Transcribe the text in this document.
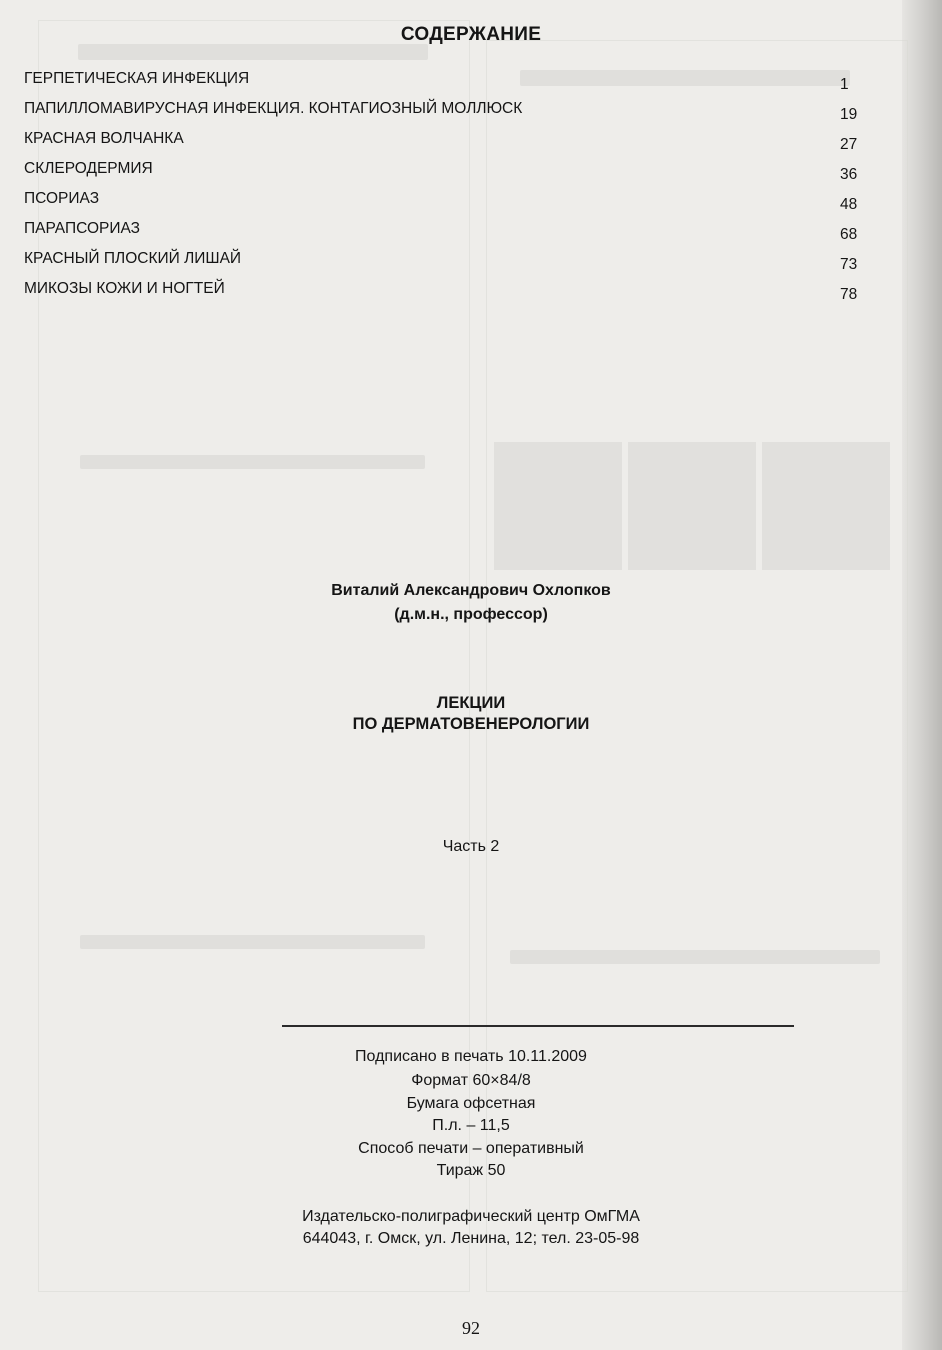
СОДЕРЖАНИЕ
ГЕРПЕТИЧЕСКАЯ ИНФЕКЦИЯ	1
ПАПИЛЛОМАВИРУСНАЯ ИНФЕКЦИЯ. КОНТАГИОЗНЫЙ МОЛЛЮСК	19
КРАСНАЯ ВОЛЧАНКА	27
СКЛЕРОДЕРМИЯ	36
ПСОРИАЗ	48
ПАРАПСОРИАЗ	68
КРАСНЫЙ ПЛОСКИЙ ЛИШАЙ	73
МИКОЗЫ КОЖИ И НОГТЕЙ	78
Виталий Александрович Охлопков
(д.м.н., профессор)
ЛЕКЦИИ
ПО ДЕРМАТОВЕНЕРОЛОГИИ
Часть 2
Подписано в печать 10.11.2009
Формат 60×84/8
Бумага офсетная
П.л. – 11,5
Способ печати – оперативный
Тираж 50
Издательско-полиграфический центр ОмГМА
644043, г. Омск, ул. Ленина, 12; тел. 23-05-98
92
